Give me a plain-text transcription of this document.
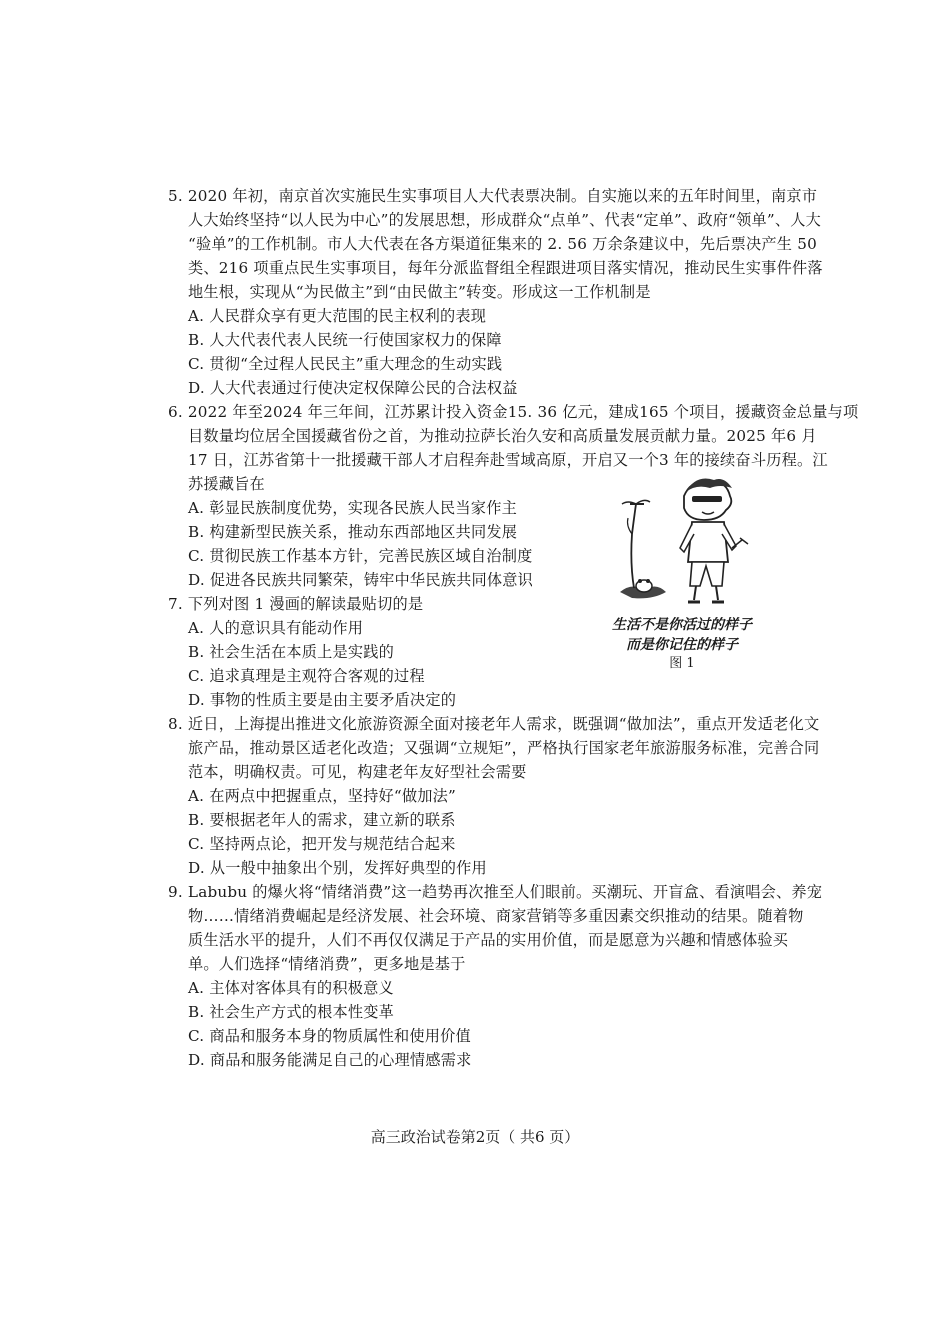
5. 2020 年初，南京首次实施民生实事项目人大代表票决制。自实施以来的五年时间里，南京市
人大始终坚持“以人民为中心”的发展思想，形成群众“点单”、代表“定单”、政府“领单”、人大
“验单”的工作机制。市人大代表在各方渠道征集来的 2. 56 万余条建议中，先后票决产生 50
类、216 项重点民生实事项目，每年分派监督组全程跟进项目落实情况，推动民生实事件件落
地生根，实现从“为民做主”到“由民做主”转变。形成这一工作机制是
A. 人民群众享有更大范围的民主权利的表现
B. 人大代表代表人民统一行使国家权力的保障
C. 贯彻“全过程人民民主”重大理念的生动实践
D. 人大代表通过行使决定权保障公民的合法权益
6. 2022 年至2024 年三年间，江苏累计投入资金15. 36 亿元，建成165 个项目，援藏资金总量与项
目数量均位居全国援藏省份之首，为推动拉萨长治久安和高质量发展贡献力量。2025 年6 月
17 日，江苏省第十一批援藏干部人才启程奔赴雪域高原，开启又一个3 年的接续奋斗历程。江
苏援藏旨在
A. 彰显民族制度优势，实现各民族人民当家作主
B. 构建新型民族关系，推动东西部地区共同发展
C. 贯彻民族工作基本方针，完善民族区域自治制度
D. 促进各民族共同繁荣，铸牢中华民族共同体意识
7. 下列对图 1 漫画的解读最贴切的是
A. 人的意识具有能动作用
B. 社会生活在本质上是实践的
C. 追求真理是主观符合客观的过程
D. 事物的性质主要是由主要矛盾决定的
生活不是你活过的样子
而是你记住的样子
图 1
8. 近日，上海提出推进文化旅游资源全面对接老年人需求，既强调“做加法”，重点开发适老化文
旅产品，推动景区适老化改造；又强调“立规矩”，严格执行国家老年旅游服务标准，完善合同
范本，明确权责。可见，构建老年友好型社会需要
A. 在两点中把握重点，坚持好“做加法”
B. 要根据老年人的需求，建立新的联系
C. 坚持两点论，把开发与规范结合起来
D. 从一般中抽象出个别，发挥好典型的作用
9. Labubu 的爆火将“情绪消费”这一趋势再次推至人们眼前。买潮玩、开盲盒、看演唱会、养宠
物……情绪消费崛起是经济发展、社会环境、商家营销等多重因素交织推动的结果。随着物
质生活水平的提升，人们不再仅仅满足于产品的实用价值，而是愿意为兴趣和情感体验买
单。人们选择“情绪消费”，更多地是基于
A. 主体对客体具有的积极意义
B. 社会生产方式的根本性变革
C. 商品和服务本身的物质属性和使用价值
D. 商品和服务能满足自己的心理情感需求
高三政治试卷第2页（ 共6 页）
